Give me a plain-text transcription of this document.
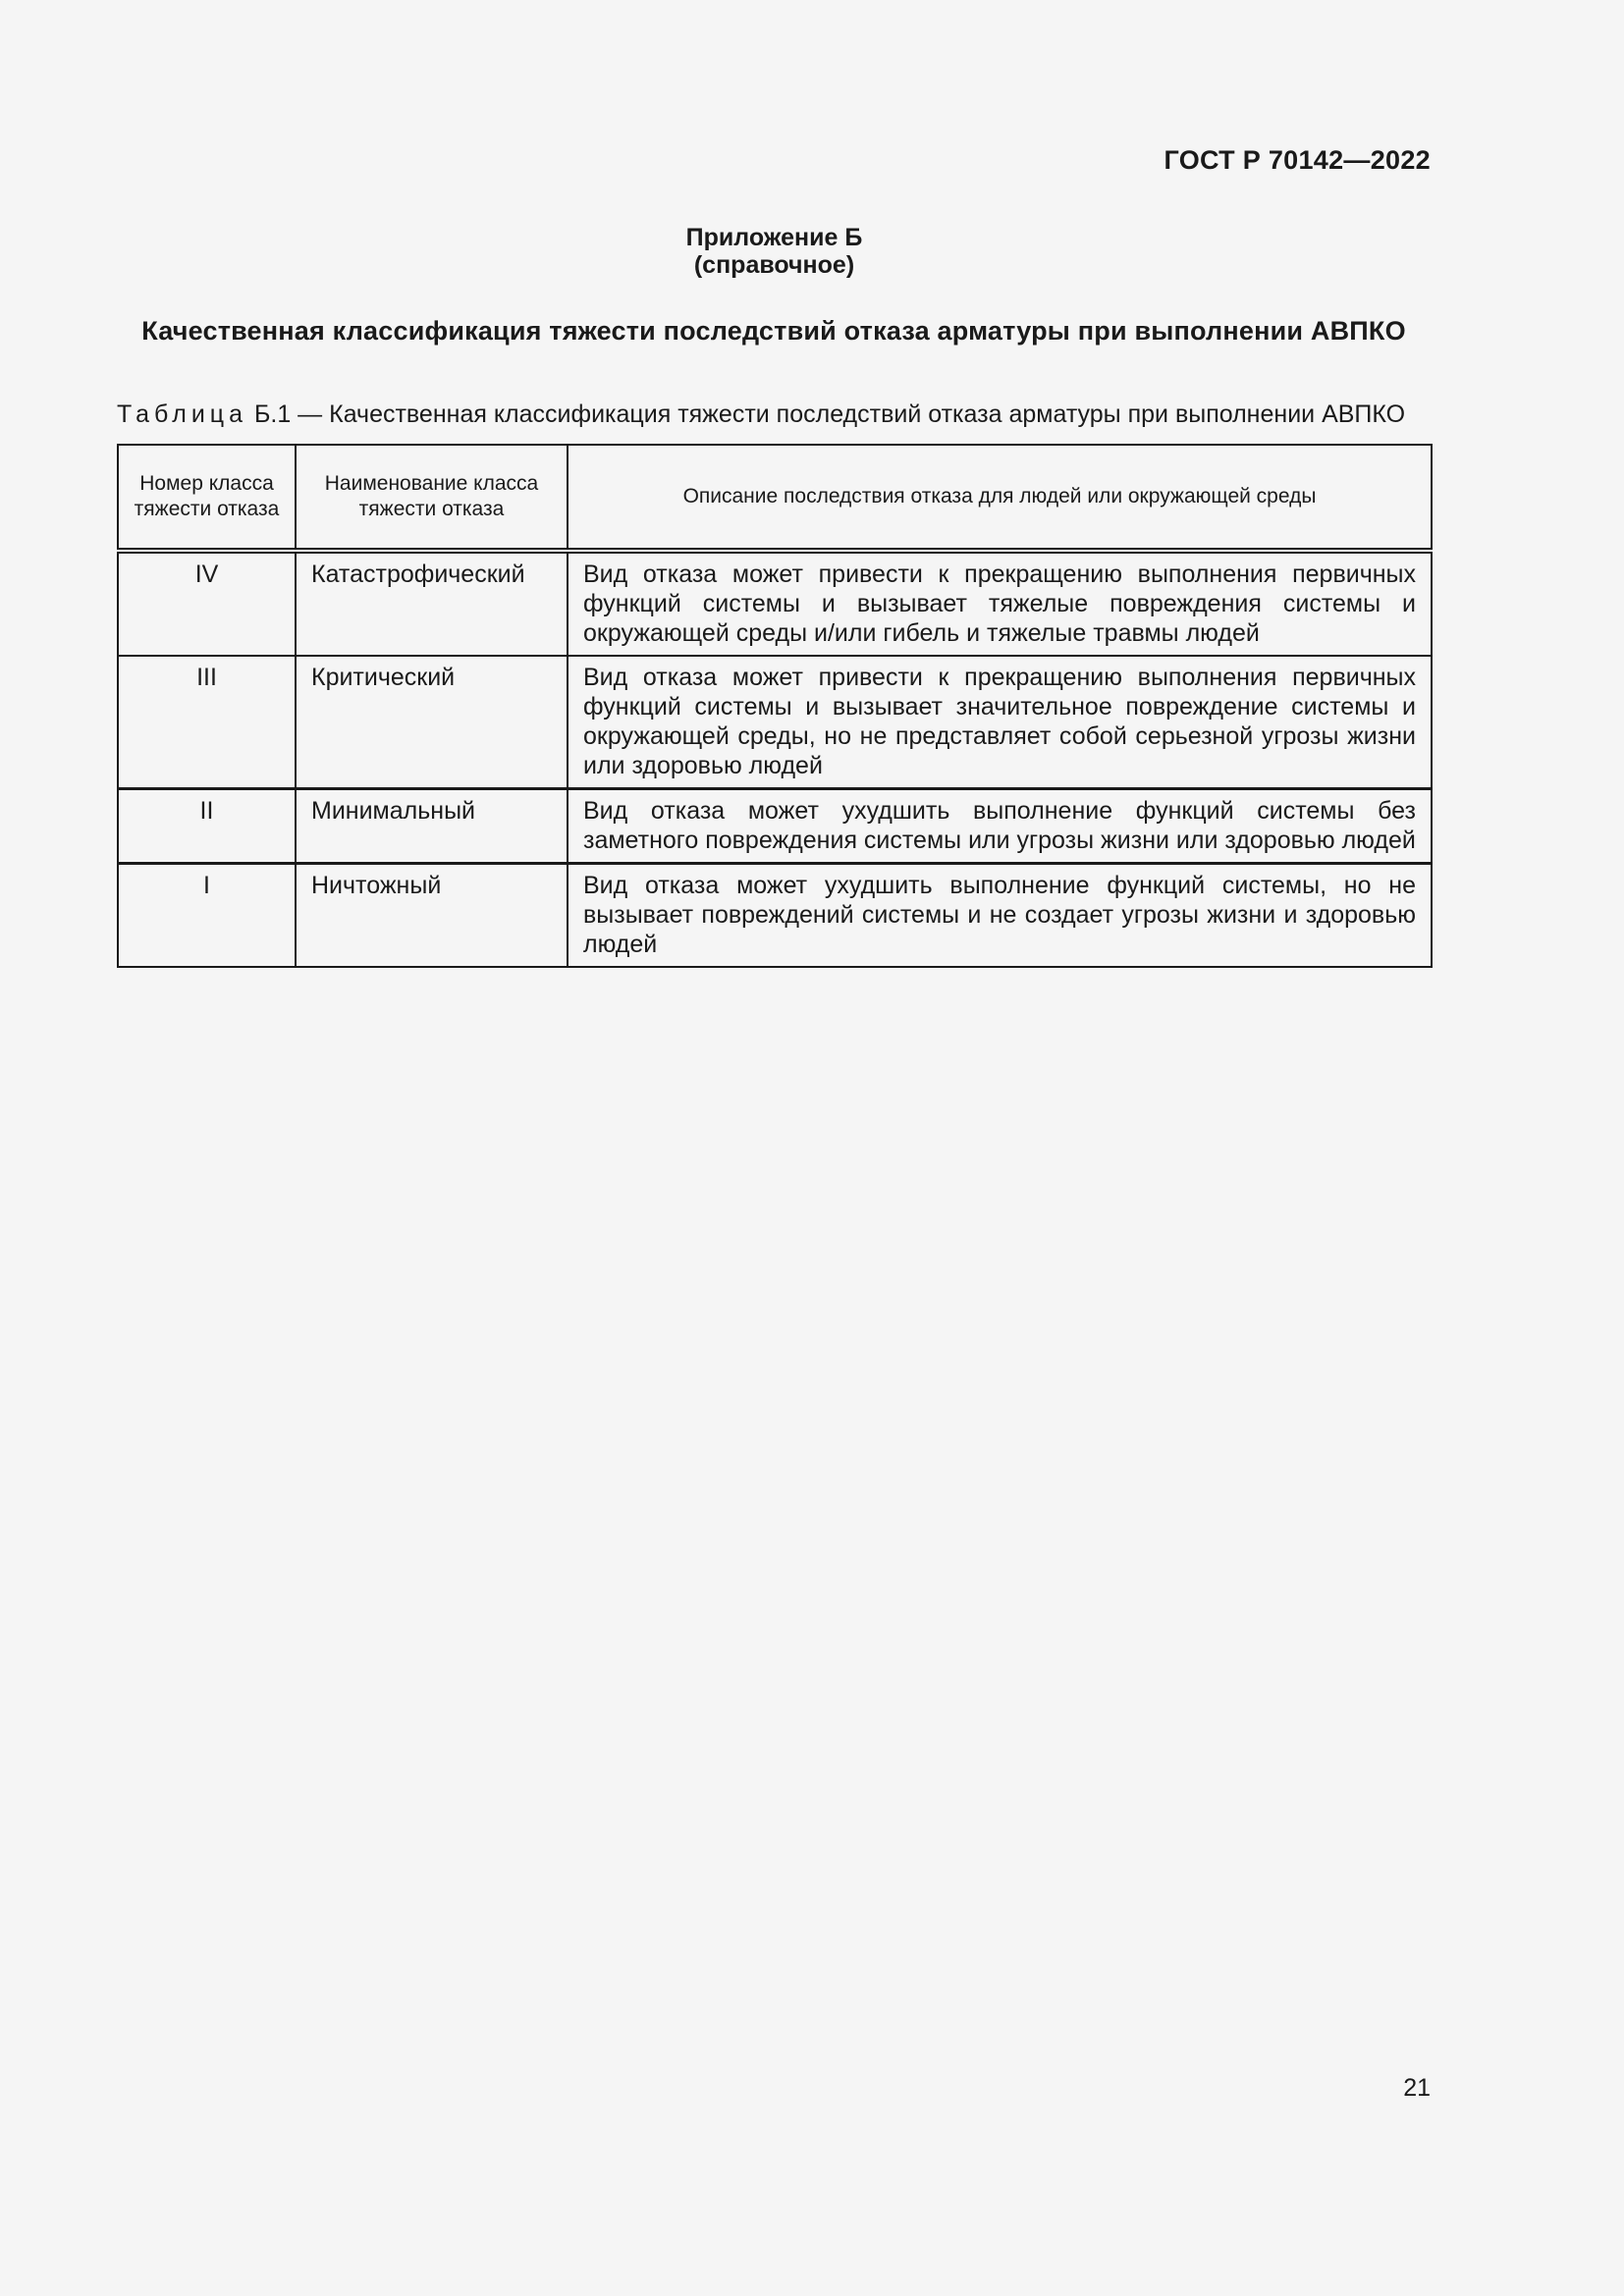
ГОСТ Р 70142—2022
Приложение Б
(справочное)
Качественная классификация тяжести последствий отказа арматуры при выполнении АВПКО
Таблица Б.1 — Качественная классификация тяжести последствий отказа арматуры при выполнении АВПКО
Номер класса тяжести отказа	Наименование класса тяжести отказа	Описание последствия отказа для людей или окружающей среды
IV	Катастрофический	Вид отказа может привести к прекращению выполнения первичных функций системы и вызывает тяжелые повреждения системы и окружающей среды и/или гибель и тяжелые травмы людей
III	Критический	Вид отказа может привести к прекращению выполнения первичных функций системы и вызывает значительное повреждение системы и окружающей среды, но не представляет собой серьезной угрозы жизни или здоровью людей
II	Минимальный	Вид отказа может ухудшить выполнение функций системы без заметного повреждения системы или угрозы жизни или здоровью людей
I	Ничтожный	Вид отказа может ухудшить выполнение функций системы, но не вызывает повреждений системы и не создает угрозы жизни и здоровью людей
21
